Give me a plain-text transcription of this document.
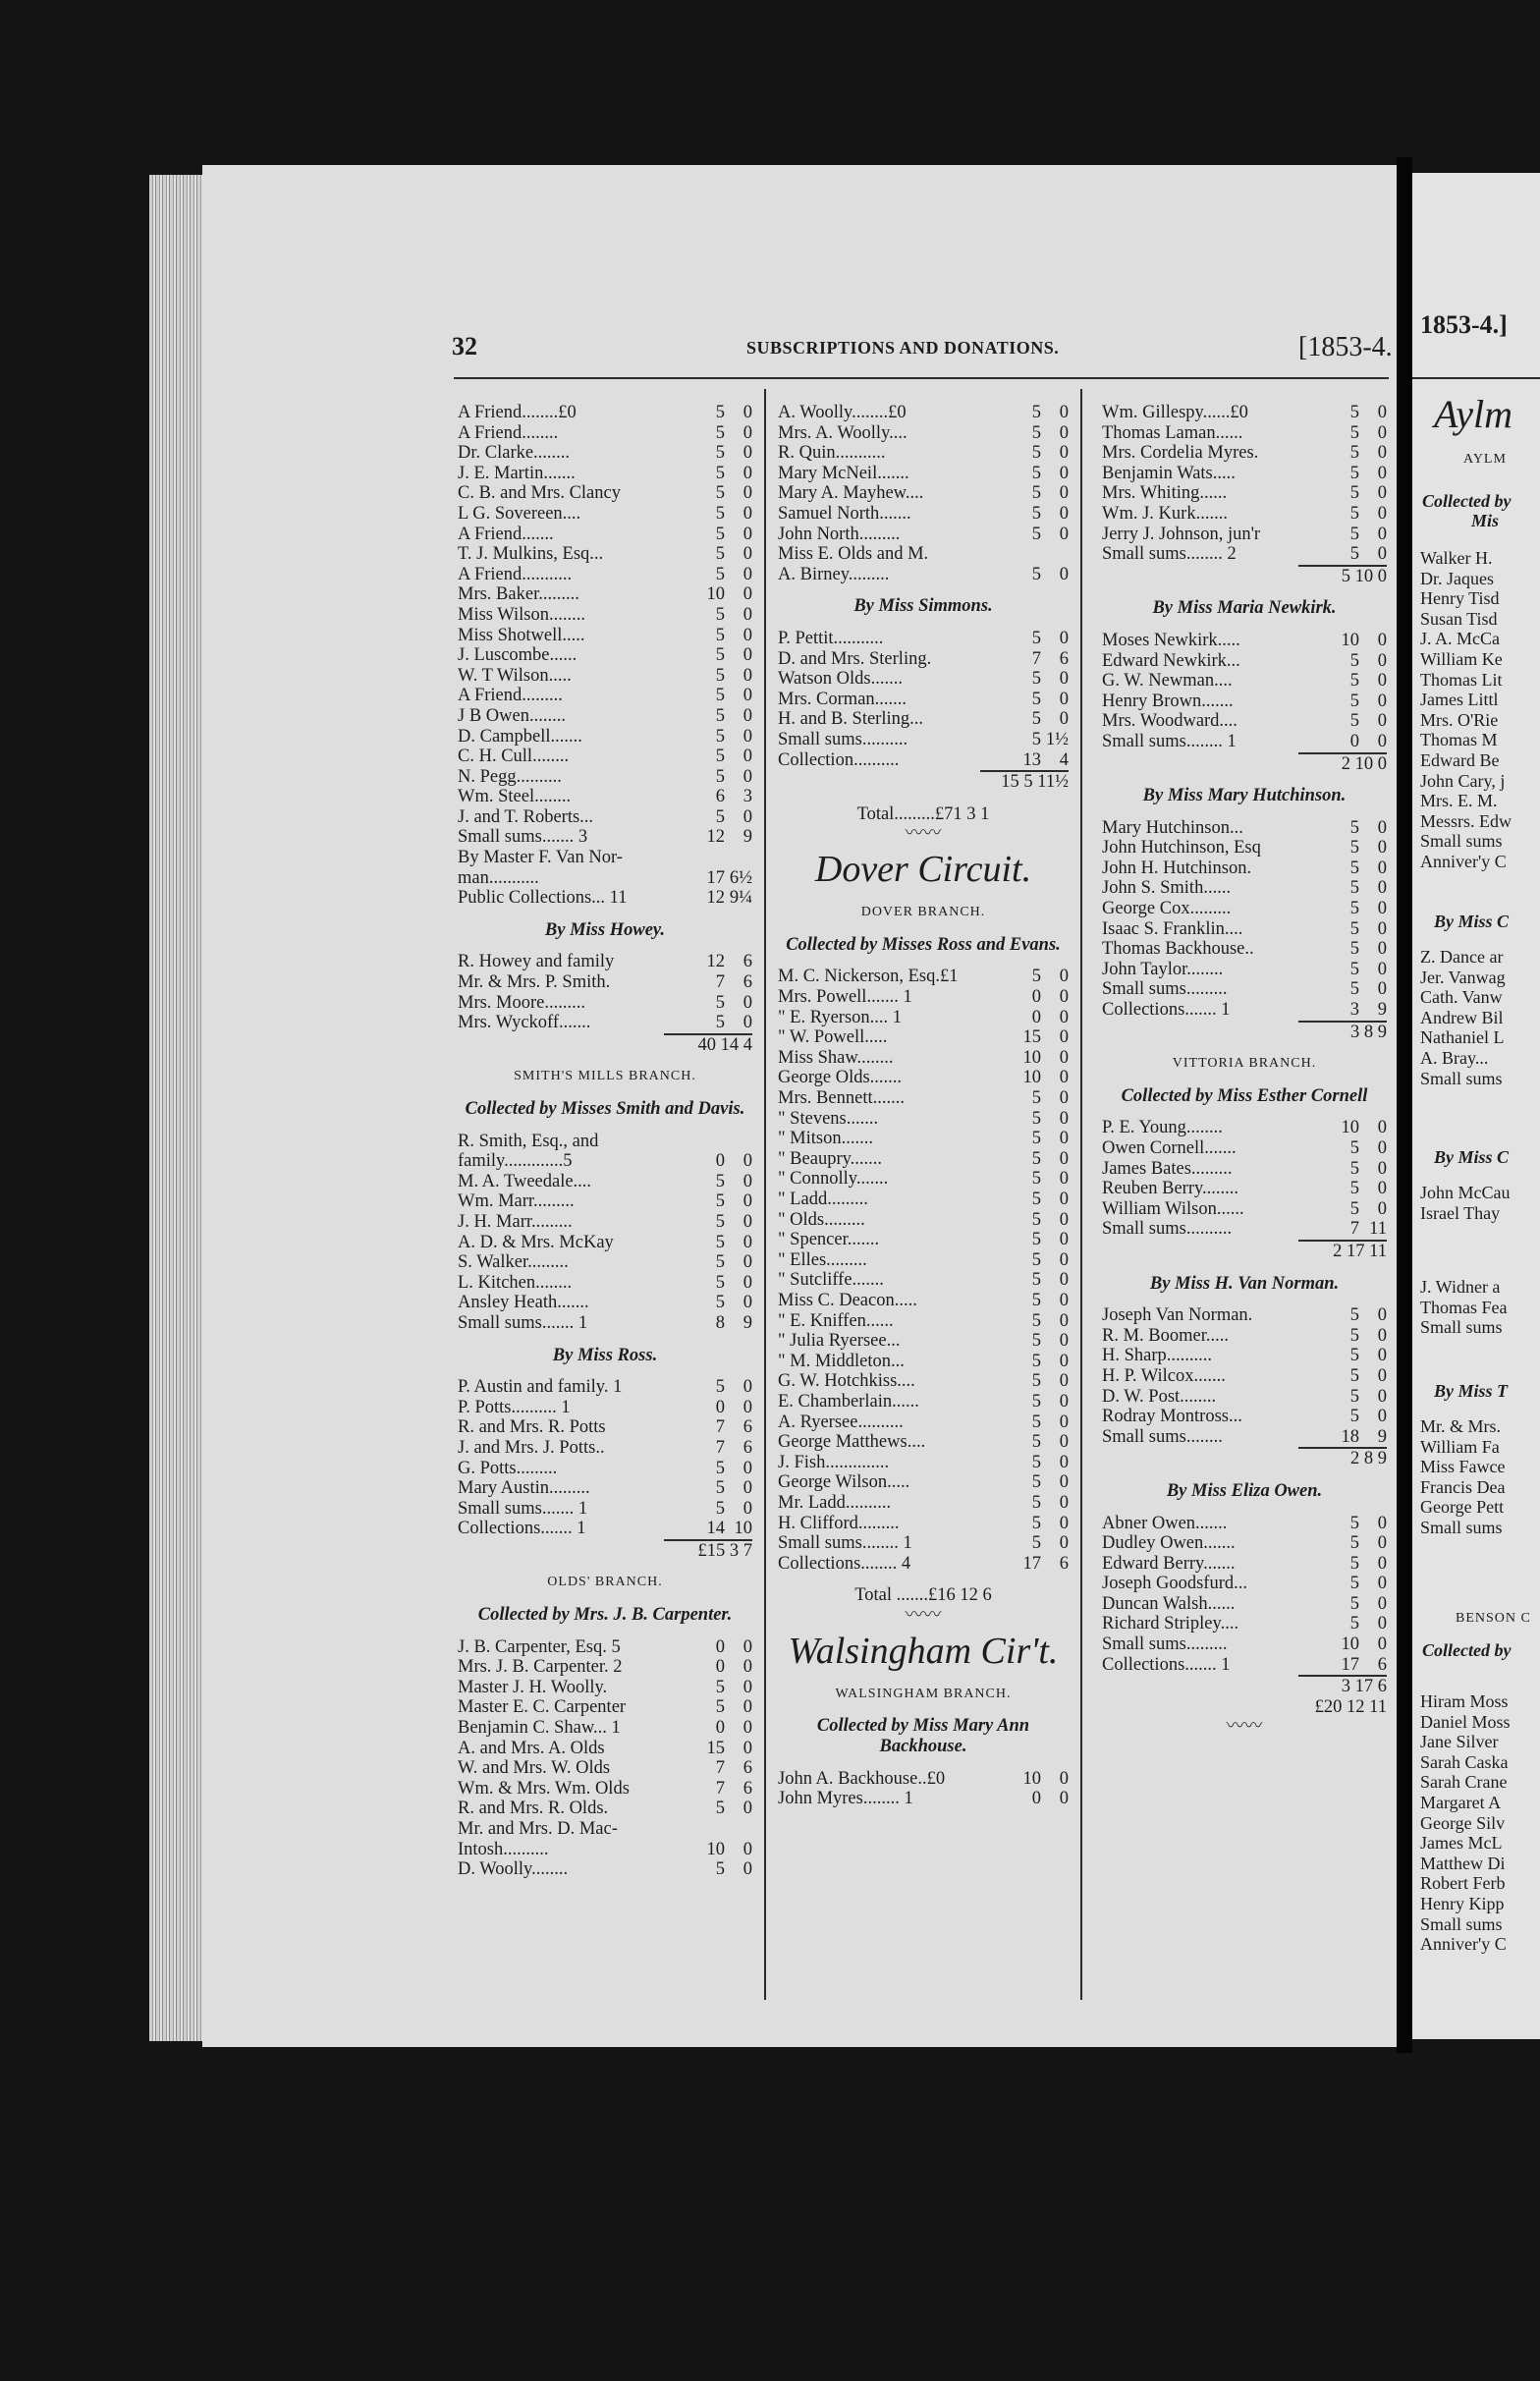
32	SUBSCRIPTIONS AND DONATIONS.	[1853-4.
A Friend........£0	5	0
A Friend........	5	0
Dr. Clarke........	5	0
J. E. Martin.......	5	0
C. B. and Mrs. Clancy	5	0
L G. Sovereen....	5	0
A Friend.......	5	0
T. J. Mulkins, Esq...	5	0
A Friend...........	5	0
Mrs. Baker.........	10	0
Miss Wilson........	5	0
Miss Shotwell.....	5	0
J. Luscombe......	5	0
W. T Wilson.....	5	0
A Friend.........	5	0
J B Owen........	5	0
D. Campbell.......	5	0
C. H. Cull........	5	0
N. Pegg..........	5	0
Wm. Steel........	6	3
J. and T. Roberts...	5	0
Small sums....... 3	12	9
By Master F. Van Nor-
man...........	17 6½
Public Collections... 11	12 9¼
By Miss Howey.
R. Howey and family	12	6
Mr. & Mrs. P. Smith.	7	6
Mrs. Moore.........	5	0
Mrs. Wyckoff.......	5	0
40 14 4
SMITH'S MILLS BRANCH.
Collected by Misses Smith and Davis.
R. Smith, Esq., and
family.............5	0	0
M. A. Tweedale....	5	0
Wm. Marr.........	5	0
J. H. Marr.........	5	0
A. D. & Mrs. McKay	5	0
S. Walker.........	5	0
L. Kitchen........	5	0
Ansley Heath.......	5	0
Small sums....... 1	8	9
By Miss Ross.
P. Austin and family. 1	5	0
P. Potts.......... 1	0	0
R. and Mrs. R. Potts	7	6
J. and Mrs. J. Potts..	7	6
G. Potts.........	5	0
Mary Austin.........	5	0
Small sums....... 1	5	0
Collections....... 1	14 10
£15 3 7
OLDS' BRANCH.
Collected by Mrs. J. B. Carpenter.
J. B. Carpenter, Esq. 5	0	0
Mrs. J. B. Carpenter. 2	0	0
Master J. H. Woolly.	5	0
Master E. C. Carpenter	5	0
Benjamin C. Shaw... 1	0	0
A. and Mrs. A. Olds	15	0
W. and Mrs. W. Olds	7	6
Wm. & Mrs. Wm. Olds	7	6
R. and Mrs. R. Olds.	5	0
Mr. and Mrs. D. Mac-
Intosh..........	10	0
D. Woolly........	5	0
A. Woolly........£0	5	0
Mrs. A. Woolly....	5	0
R. Quin...........	5	0
Mary McNeil.......	5	0
Mary A. Mayhew....	5	0
Samuel North.......	5	0
John North.........	5	0
Miss E. Olds and M.
A. Birney.........	5	0
By Miss Simmons.
P. Pettit...........	5	0
D. and Mrs. Sterling.	7	6
Watson Olds.......	5	0
Mrs. Corman.......	5	0
H. and B. Sterling...	5	0
Small sums..........	5 1½
Collection..........	13	4
15 5 11½
Total.........£71 3 1
〰〰
Dover Circuit.
DOVER BRANCH.
Collected by Misses Ross and Evans.
M. C. Nickerson, Esq.£1	5	0
Mrs. Powell....... 1	0	0
" E. Ryerson.... 1	0	0
" W. Powell.....	15	0
Miss Shaw........	10	0
George Olds.......	10	0
Mrs. Bennett.......	5	0
" Stevens.......	5	0
" Mitson.......	5	0
" Beaupry.......	5	0
" Connolly.......	5	0
" Ladd.........	5	0
" Olds.........	5	0
" Spencer.......	5	0
" Elles.........	5	0
" Sutcliffe.......	5	0
Miss C. Deacon.....	5	0
" E. Kniffen......	5	0
" Julia Ryersee...	5	0
" M. Middleton...	5	0
G. W. Hotchkiss....	5	0
E. Chamberlain......	5	0
A. Ryersee..........	5	0
George Matthews....	5	0
J. Fish..............	5	0
George Wilson.....	5	0
Mr. Ladd..........	5	0
H. Clifford.........	5	0
Small sums........ 1	5	0
Collections........ 4	17	6
Total .......£16 12 6
〰〰
Walsingham Cir't.
WALSINGHAM BRANCH.
Collected by Miss Mary Ann Backhouse.
John A. Backhouse..£0	10	0
John Myres........ 1	0	0
Wm. Gillespy......£0	5	0
Thomas Laman......	5	0
Mrs. Cordelia Myres.	5	0
Benjamin Wats.....	5	0
Mrs. Whiting......	5	0
Wm. J. Kurk.......	5	0
Jerry J. Johnson, jun'r	5	0
Small sums........ 2	5	0
5 10 0
By Miss Maria Newkirk.
Moses Newkirk.....	10	0
Edward Newkirk...	5	0
G. W. Newman....	5	0
Henry Brown.......	5	0
Mrs. Woodward....	5	0
Small sums........ 1	0	0
2 10 0
By Miss Mary Hutchinson.
Mary Hutchinson...	5	0
John Hutchinson, Esq	5	0
John H. Hutchinson.	5	0
John S. Smith......	5	0
George Cox.........	5	0
Isaac S. Franklin....	5	0
Thomas Backhouse..	5	0
John Taylor........	5	0
Small sums.........	5	0
Collections....... 1	3	9
3 8 9
VITTORIA BRANCH.
Collected by Miss Esther Cornell
P. E. Young........	10	0
Owen Cornell.......	5	0
James Bates.........	5	0
Reuben Berry........	5	0
William Wilson......	5	0
Small sums..........	7 11
2 17 11
By Miss H. Van Norman.
Joseph Van Norman.	5	0
R. M. Boomer.....	5	0
H. Sharp..........	5	0
H. P. Wilcox.......	5	0
D. W. Post........	5	0
Rodray Montross...	5	0
Small sums........	18	9
2 8 9
By Miss Eliza Owen.
Abner Owen.......	5	0
Dudley Owen.......	5	0
Edward Berry.......	5	0
Joseph Goodsfurd...	5	0
Duncan Walsh......	5	0
Richard Stripley....	5	0
Small sums.........	10	0
Collections....... 1	17	6
3 17 6
£20 12 11
〰〰
1853-4.]
Aylm
AYLM
Collected by
Mis
Walker H.
Dr. Jaques
Henry Tisd
Susan Tisd
J. A. McCa
William Ke
Thomas Lit
James Littl
Mrs. O'Rie
Thomas M
Edward Be
John Cary, j
Mrs. E. M.
Messrs. Edw
Small sums
Anniver'y C
By Miss C
Z. Dance ar
Jer. Vanwag
Cath. Vanw
Andrew Bil
Nathaniel L
A. Bray...
Small sums
By Miss C
John McCau
Israel Thay
J. Widner a
Thomas Fea
Small sums
By Miss T
Mr. & Mrs.
William Fa
Miss Fawce
Francis Dea
George Pett
Small sums
BENSON C
Collected by
Hiram Moss
Daniel Moss
Jane Silver
Sarah Caska
Sarah Crane
Margaret A
George Silv
James McL
Matthew Di
Robert Ferb
Henry Kipp
Small sums
Anniver'y C
